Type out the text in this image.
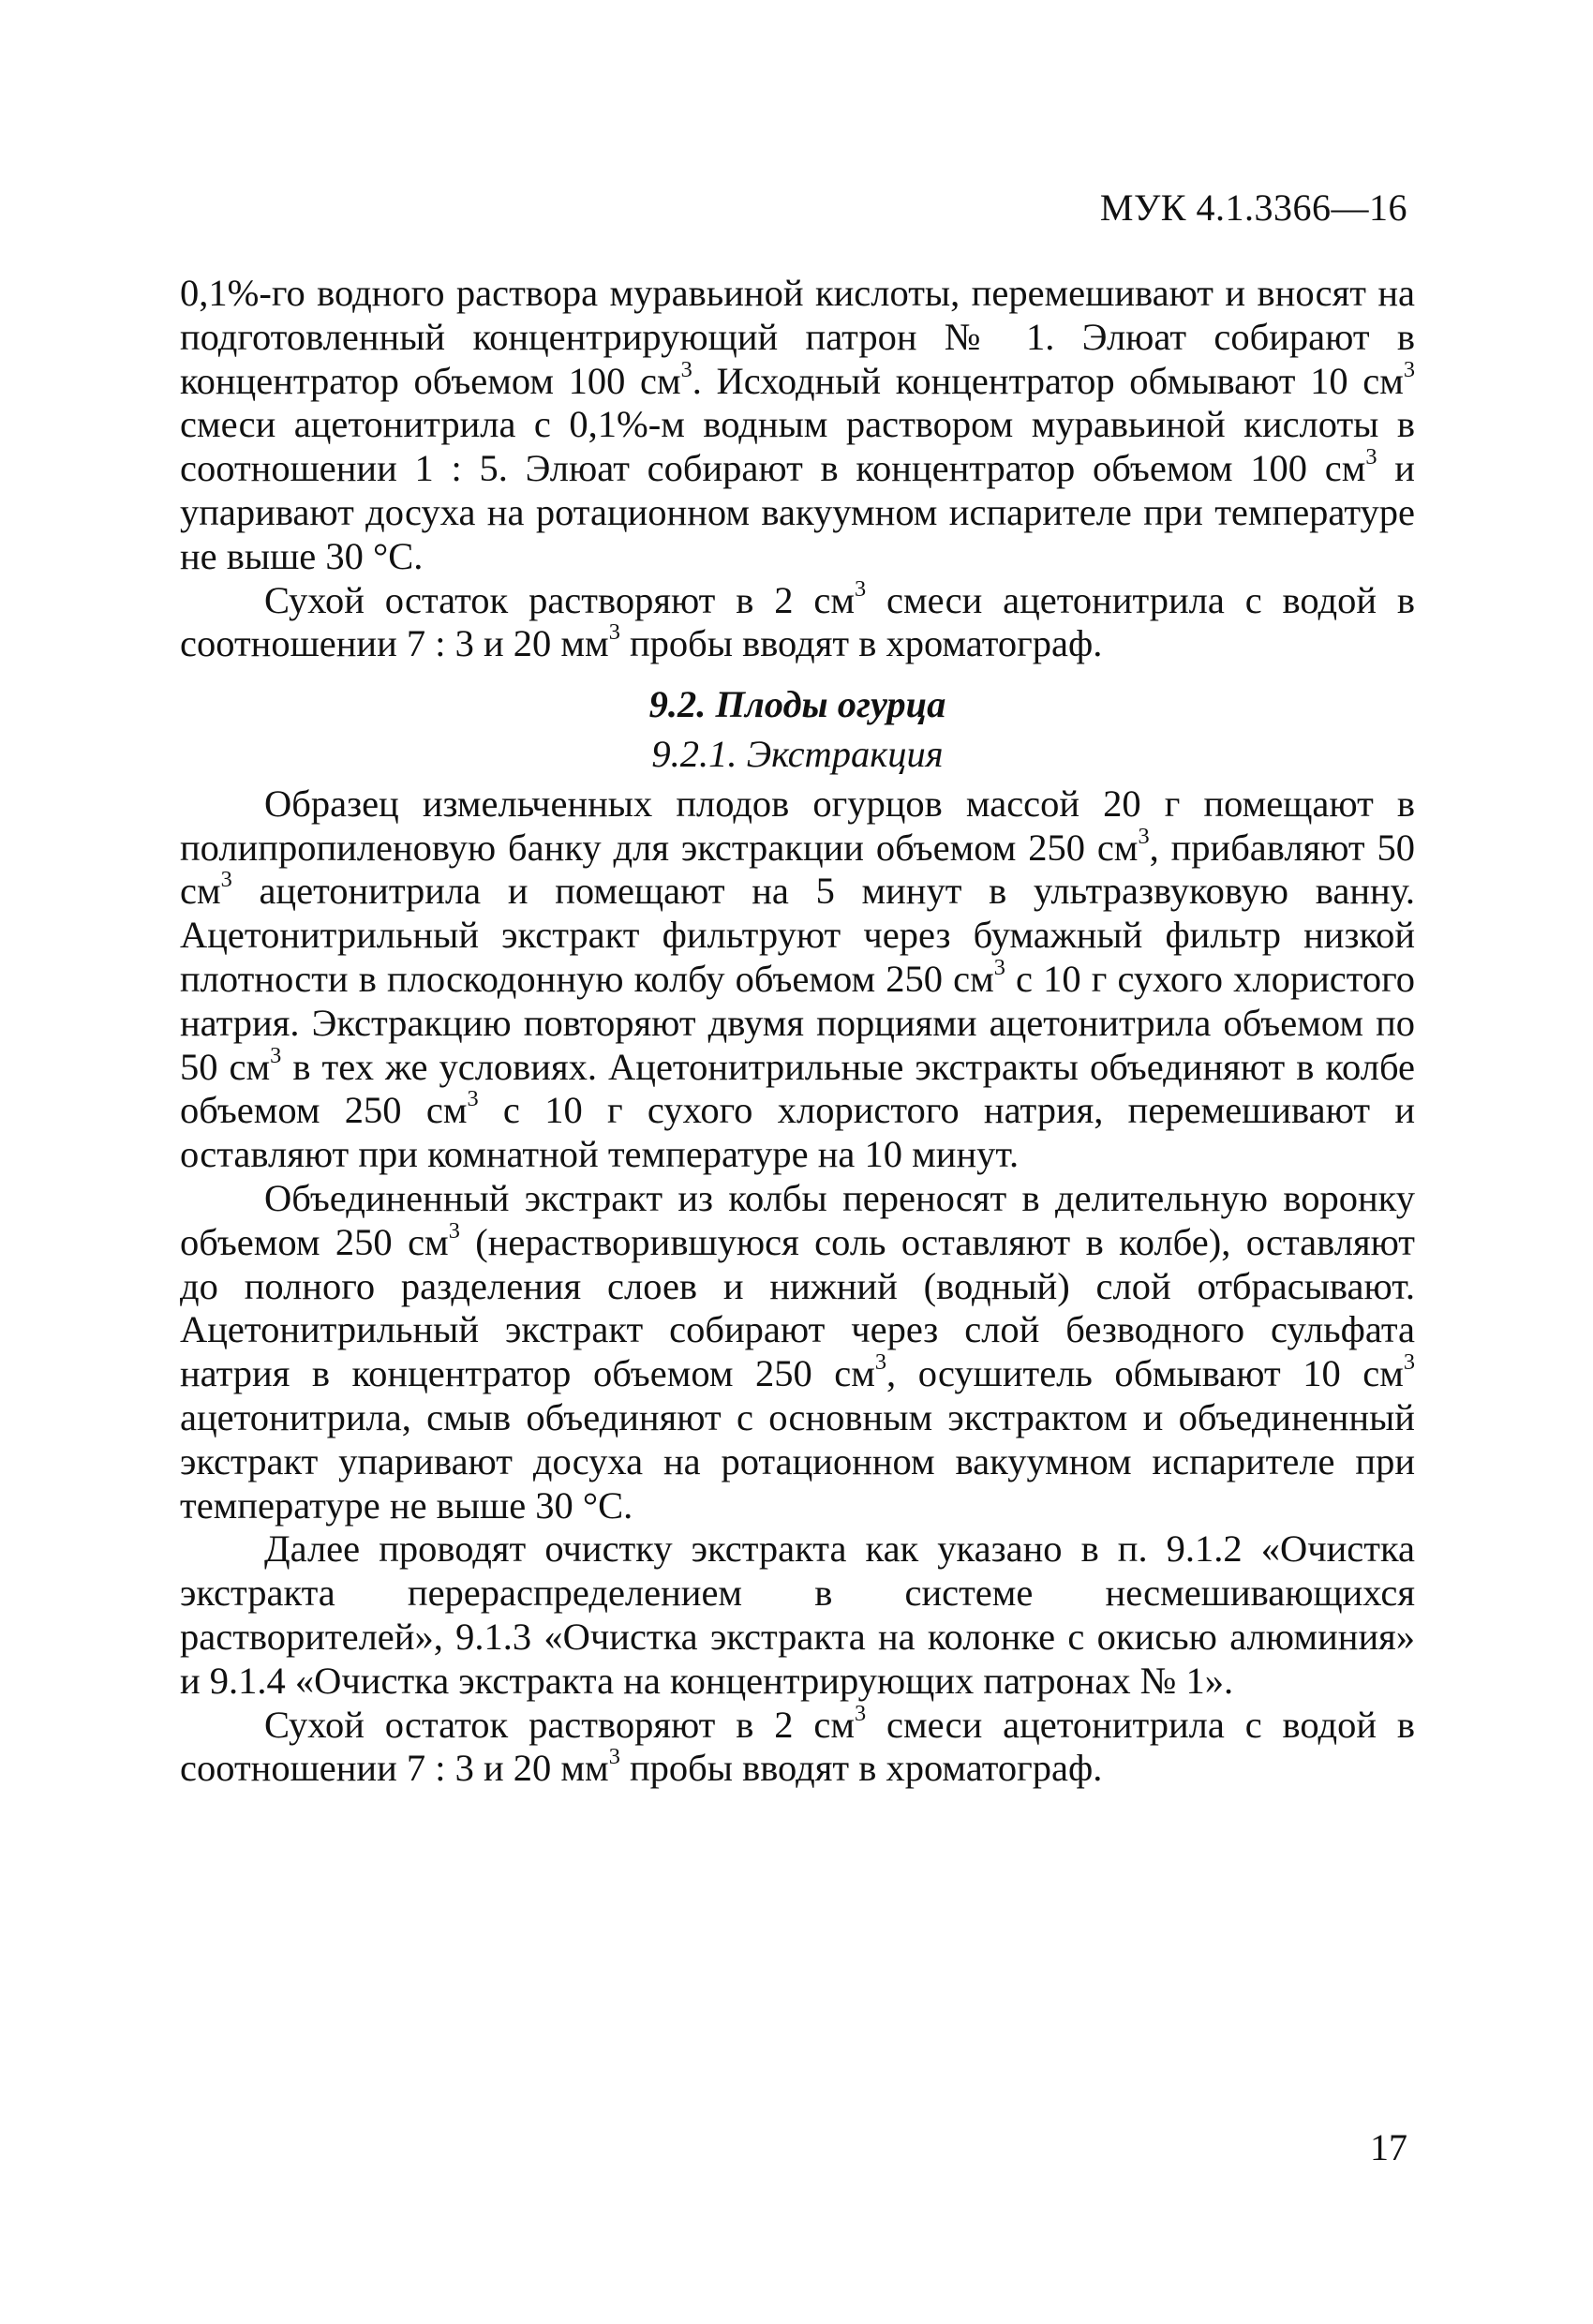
МУК 4.1.3366—16

0,1%-го водного раствора муравьиной кислоты, перемешивают и вносят на подготовленный концентрирующий патрон № 1. Элюат собирают в концентратор объемом 100 $см^3$. Исходный концентратор обмывают 10 $см^3$ смеси ацетонитрила с 0,1%-м водным раствором муравьиной кислоты в соотношении 1 : 5. Элюат собирают в концентратор объемом 100 $см^3$ и упаривают досуха на ротационном вакуумном испарителе при температуре не выше 30 °С.

Сухой остаток растворяют в 2 $см^3$ смеси ацетонитрила с водой в соотношении 7 : 3 и 20 $мм^3$ пробы вводят в хроматограф.

9.2. Плоды огурца

9.2.1. Экстракция

Образец измельченных плодов огурцов массой 20 г помещают в полипропиленовую банку для экстракции объемом 250 $см^3$, прибавляют 50 $см^3$ ацетонитрила и помещают на 5 минут в ультразвуковую ванну. Ацетонитрильный экстракт фильтруют через бумажный фильтр низкой плотности в плоскодонную колбу объемом 250 $см^3$ с 10 г сухого хлористого натрия. Экстракцию повторяют двумя порциями ацетонитрила объемом по 50 $см^3$ в тех же условиях. Ацетонитрильные экстракты объединяют в колбе объемом 250 $см^3$ с 10 г сухого хлористого натрия, перемешивают и оставляют при комнатной температуре на 10 минут.

Объединенный экстракт из колбы переносят в делительную воронку объемом 250 $см^3$ (нерастворившуюся соль оставляют в колбе), оставляют до полного разделения слоев и нижний (водный) слой отбрасывают. Ацетонитрильный экстракт собирают через слой безводного сульфата натрия в концентратор объемом 250 $см^3$, осушитель обмывают 10 $см^3$ ацетонитрила, смыв объединяют с основным экстрактом и объединенный экстракт упаривают досуха на ротационном вакуумном испарителе при температуре не выше 30 °С.

Далее проводят очистку экстракта как указано в п. 9.1.2 «Очистка экстракта перераспределением в системе несмешивающихся растворителей», 9.1.3 «Очистка экстракта на колонке с окисью алюминия» и 9.1.4 «Очистка экстракта на концентрирующих патронах № 1».

Сухой остаток растворяют в 2 $см^3$ смеси ацетонитрила с водой в соотношении 7 : 3 и 20 $мм^3$ пробы вводят в хроматограф.

17
